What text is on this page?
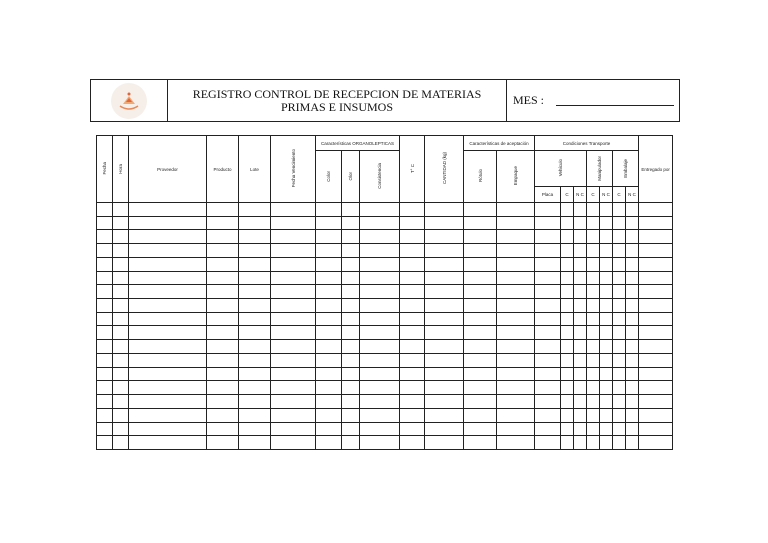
REGISTRO CONTROL DE RECEPCION DE MATERIAS PRIMAS E INSUMOS	MES :
Fecha	Hora	Proveedor	Producto	Lote	Fecha Vencimiento	Características ORGANOLEPTICAS			T° C	CANTIDAD (kg)	Características de aceptación		Condiciones Transporte							Entregado por
						Color	Olor	Consistencia			Rótulo	Empaque	Vehículo			Manipulador		Embalaje		
													Placa	C	N C	C	N C	C	N C	
